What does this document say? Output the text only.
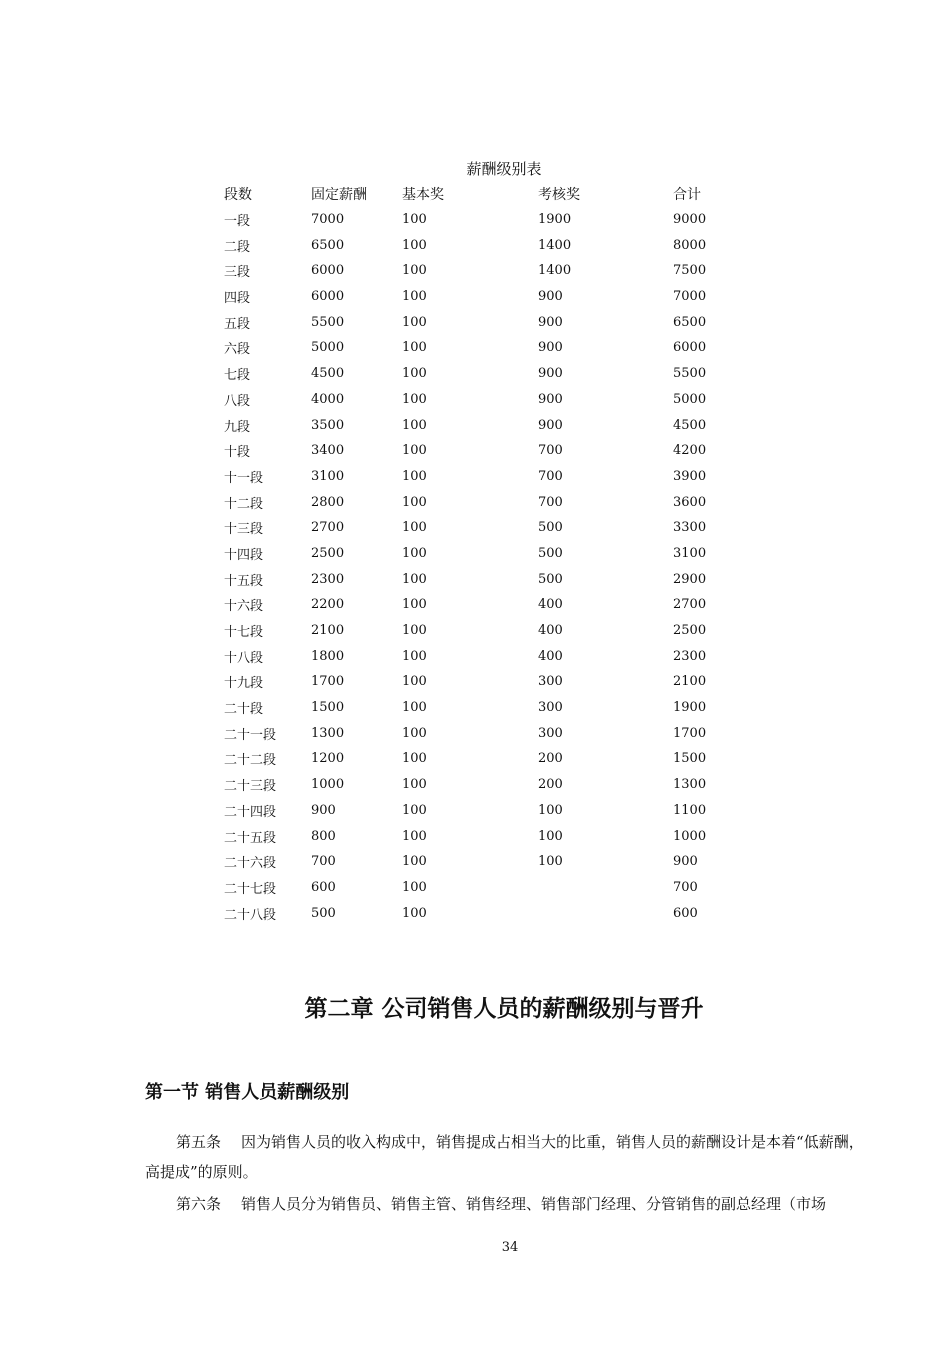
薪酬级别表
段数	固定薪酬	基本奖	考核奖	合计
一段	7000	100	1900	9000
二段	6500	100	1400	8000
三段	6000	100	1400	7500
四段	6000	100	900	7000
五段	5500	100	900	6500
六段	5000	100	900	6000
七段	4500	100	900	5500
八段	4000	100	900	5000
九段	3500	100	900	4500
十段	3400	100	700	4200
十一段	3100	100	700	3900
十二段	2800	100	700	3600
十三段	2700	100	500	3300
十四段	2500	100	500	3100
十五段	2300	100	500	2900
十六段	2200	100	400	2700
十七段	2100	100	400	2500
十八段	1800	100	400	2300
十九段	1700	100	300	2100
二十段	1500	100	300	1900
二十一段	1300	100	300	1700
二十二段	1200	100	200	1500
二十三段	1000	100	200	1300
二十四段	900	100	100	1100
二十五段	800	100	100	1000
二十六段	700	100	100	900
二十七段	600	100		700
二十八段	500	100		600
第二章 公司销售人员的薪酬级别与晋升
第一节 销售人员薪酬级别
第五条 因为销售人员的收入构成中，销售提成占相当大的比重，销售人员的薪酬设计是本着“低薪酬，高提成”的原则。
第六条 销售人员分为销售员、销售主管、销售经理、销售部门经理、分管销售的副总经理（市场
34
